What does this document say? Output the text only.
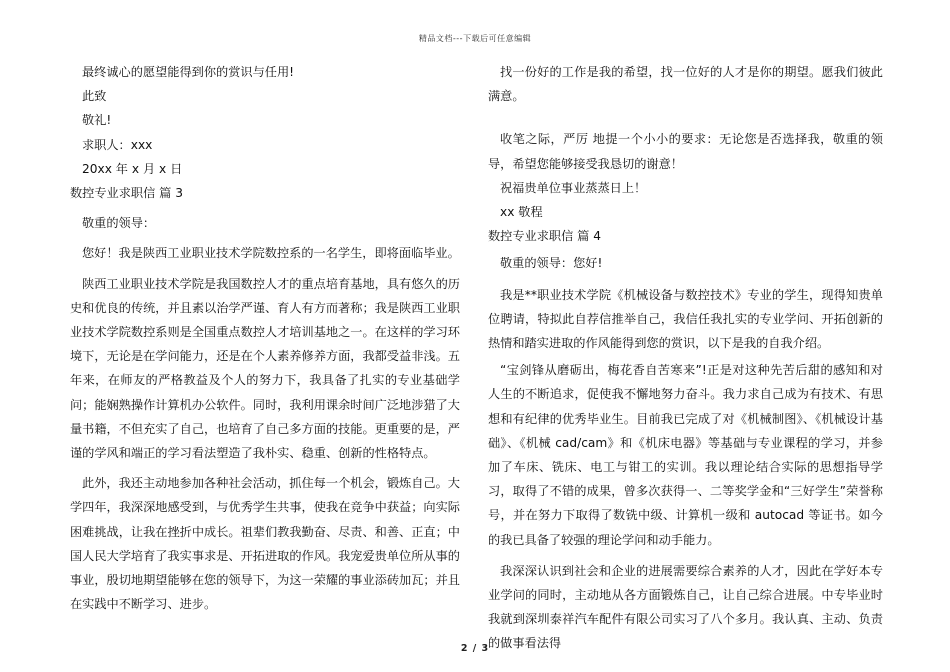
精品文档---下载后可任意编辑

最终诚心的愿望能得到你的赏识与任用!

此致

敬礼!

求职人：xxx

20xx 年 x 月 x 日

数控专业求职信 篇 3

敬重的领导：

您好！我是陕西工业职业技术学院数控系的一名学生，即将面临毕业。

陕西工业职业技术学院是我国数控人才的重点培育基地，具有悠久的历史和优良的传统，并且素以治学严谨、育人有方而著称；我是陕西工业职业技术学院数控系则是全国重点数控人才培训基地之一。在这样的学习环境下，无论是在学问能力，还是在个人素养修养方面，我都受益非浅。五年来，在师友的严格教益及个人的努力下，我具备了扎实的专业基础学问；能娴熟操作计算机办公软件。同时，我利用课余时间广泛地涉猎了大量书籍，不但充实了自己，也培育了自己多方面的技能。更重要的是，严谨的学风和端正的学习看法塑造了我朴实、稳重、创新的性格特点。

此外，我还主动地参加各种社会活动，抓住每一个机会，锻炼自己。大学四年，我深深地感受到，与优秀学生共事，使我在竞争中获益；向实际困难挑战，让我在挫折中成长。祖辈们教我勤奋、尽责、和善、正直；中国人民大学培育了我实事求是、开拓进取的作风。我宠爱贵单位所从事的事业，殷切地期望能够在您的领导下，为这一荣耀的事业添砖加瓦；并且在实践中不断学习、进步。

找一份好的工作是我的希望，找一位好的人才是你的期望。愿我们彼此满意。

收笔之际，严厉 地提一个小小的要求：无论您是否选择我，敬重的领导，希望您能够接受我恳切的谢意！

祝福贵单位事业蒸蒸日上！

xx 敬程

数控专业求职信 篇 4

敬重的领导：您好!

我是**职业技术学院《机械设备与数控技术》专业的学生，现得知贵单位聘请，特拟此自荐信推举自己，我信任我扎实的专业学问、开拓创新的热情和踏实进取的作风能得到您的赏识，以下是我的自我介绍。

“宝剑锋从磨砺出，梅花香自苦寒来”!正是对这种先苦后甜的感知和对人生的不断追求，促使我不懈地努力奋斗。我力求自己成为有技术、有思想和有纪律的优秀毕业生。目前我已完成了对《机械制图》、《机械设计基础》、《机械 cad/cam》和《机床电器》等基础与专业课程的学习，并参加了车床、铣床、电工与钳工的实训。我以理论结合实际的思想指导学习，取得了不错的成果，曾多次获得一、二等奖学金和“三好学生”荣誉称号，并在努力下取得了数铣中级、计算机一级和 autocad 等证书。如今的我已具备了较强的理论学问和动手能力。

我深深认识到社会和企业的进展需要综合素养的人才，因此在学好本专业学问的同时，主动地从各方面锻炼自己，让自己综合进展。中专毕业时我就到深圳泰祥汽车配件有限公司实习了八个多月。我认真、主动、负责的做事看法得

2 / 3
